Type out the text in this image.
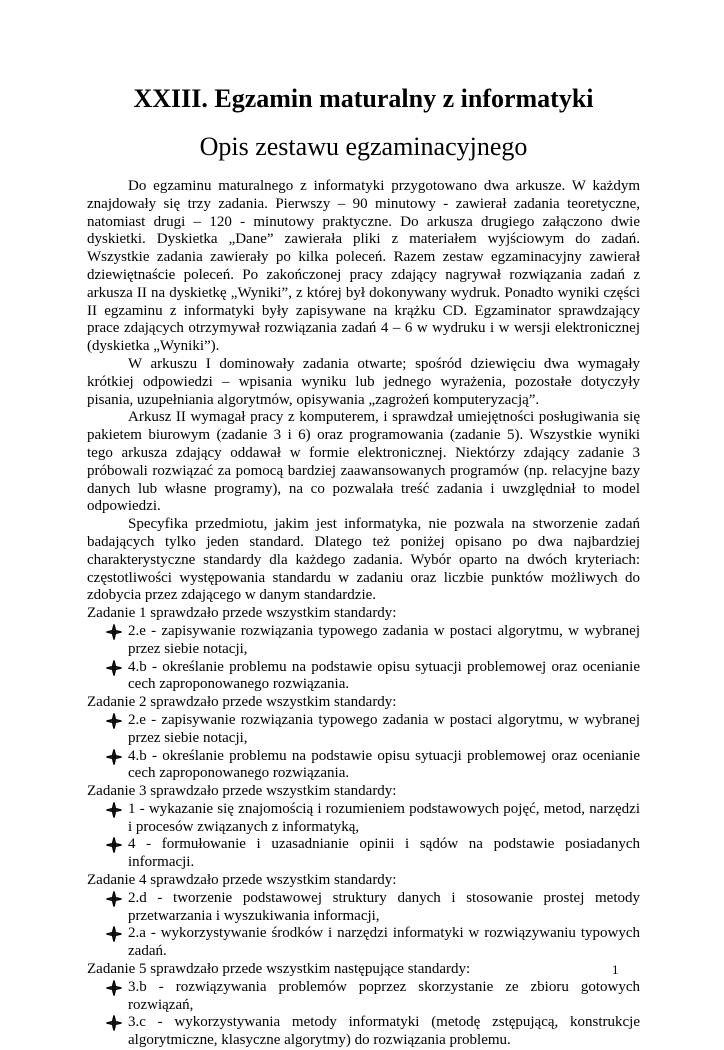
XXIII. Egzamin maturalny z informatyki
Opis zestawu egzaminacyjnego

Do egzaminu maturalnego z informatyki przygotowano dwa arkusze. W każdym znajdowały się trzy zadania. Pierwszy – 90 minutowy - zawierał zadania teoretyczne, natomiast drugi – 120 - minutowy praktyczne. Do arkusza drugiego załączono dwie dyskietki. Dyskietka „Dane” zawierała pliki z materiałem wyjściowym do zadań. Wszystkie zadania zawierały po kilka poleceń. Razem zestaw egzaminacyjny zawierał dziewiętnaście poleceń. Po zakończonej pracy zdający nagrywał rozwiązania zadań z arkusza II na dyskietkę „Wyniki”, z której był dokonywany wydruk. Ponadto wyniki części II egzaminu z informatyki były zapisywane na krążku CD. Egzaminator sprawdzający prace zdających otrzymywał rozwiązania zadań 4 – 6 w wydruku i w wersji elektronicznej (dyskietka „Wyniki”).

W arkuszu I dominowały zadania otwarte; spośród dziewięciu dwa wymagały krótkiej odpowiedzi – wpisania wyniku lub jednego wyrażenia, pozostałe dotyczyły pisania, uzupełniania algorytmów, opisywania „zagrożeń komputeryzacją”.

Arkusz II wymagał pracy z komputerem, i sprawdzał umiejętności posługiwania się pakietem biurowym (zadanie 3 i 6) oraz programowania (zadanie 5). Wszystkie wyniki tego arkusza zdający oddawał w formie elektronicznej. Niektórzy zdający zadanie 3 próbowali rozwiązać za pomocą bardziej zaawansowanych programów (np. relacyjne bazy danych lub własne programy), na co pozwalała treść zadania i uwzględniał to model odpowiedzi.

Specyfika przedmiotu, jakim jest informatyka, nie pozwala na stworzenie zadań badających tylko jeden standard. Dlatego też poniżej opisano po dwa najbardziej charakterystyczne standardy dla każdego zadania. Wybór oparto na dwóch kryteriach: częstotliwości występowania standardu w zadaniu oraz liczbie punktów możliwych do zdobycia przez zdającego w danym standardzie.

Zadanie 1 sprawdzało przede wszystkim standardy:

2.e - zapisywanie rozwiązania typowego zadania w postaci algorytmu, w wybranej przez siebie notacji,
4.b - określanie problemu na podstawie opisu sytuacji problemowej oraz ocenianie cech zaproponowanego rozwiązania.

Zadanie 2 sprawdzało przede wszystkim standardy:

2.e - zapisywanie rozwiązania typowego zadania w postaci algorytmu, w wybranej przez siebie notacji,
4.b - określanie problemu na podstawie opisu sytuacji problemowej oraz ocenianie cech zaproponowanego rozwiązania.

Zadanie 3 sprawdzało przede wszystkim standardy:

1 - wykazanie się znajomością i rozumieniem podstawowych pojęć, metod, narzędzi i procesów związanych z informatyką,
4 - formułowanie i uzasadnianie opinii i sądów na podstawie posiadanych informacji.

Zadanie 4 sprawdzało przede wszystkim standardy:

2.d - tworzenie podstawowej struktury danych i stosowanie prostej metody przetwarzania i wyszukiwania informacji,
2.a - wykorzystywanie środków i narzędzi informatyki w rozwiązywaniu typowych zadań.

Zadanie 5 sprawdzało przede wszystkim następujące standardy:

3.b - rozwiązywania problemów poprzez skorzystanie ze zbioru gotowych rozwiązań,
3.c - wykorzystywania metody informatyki (metodę zstępującą, konstrukcje algorytmiczne, klasyczne algorytmy) do rozwiązania problemu.
1
